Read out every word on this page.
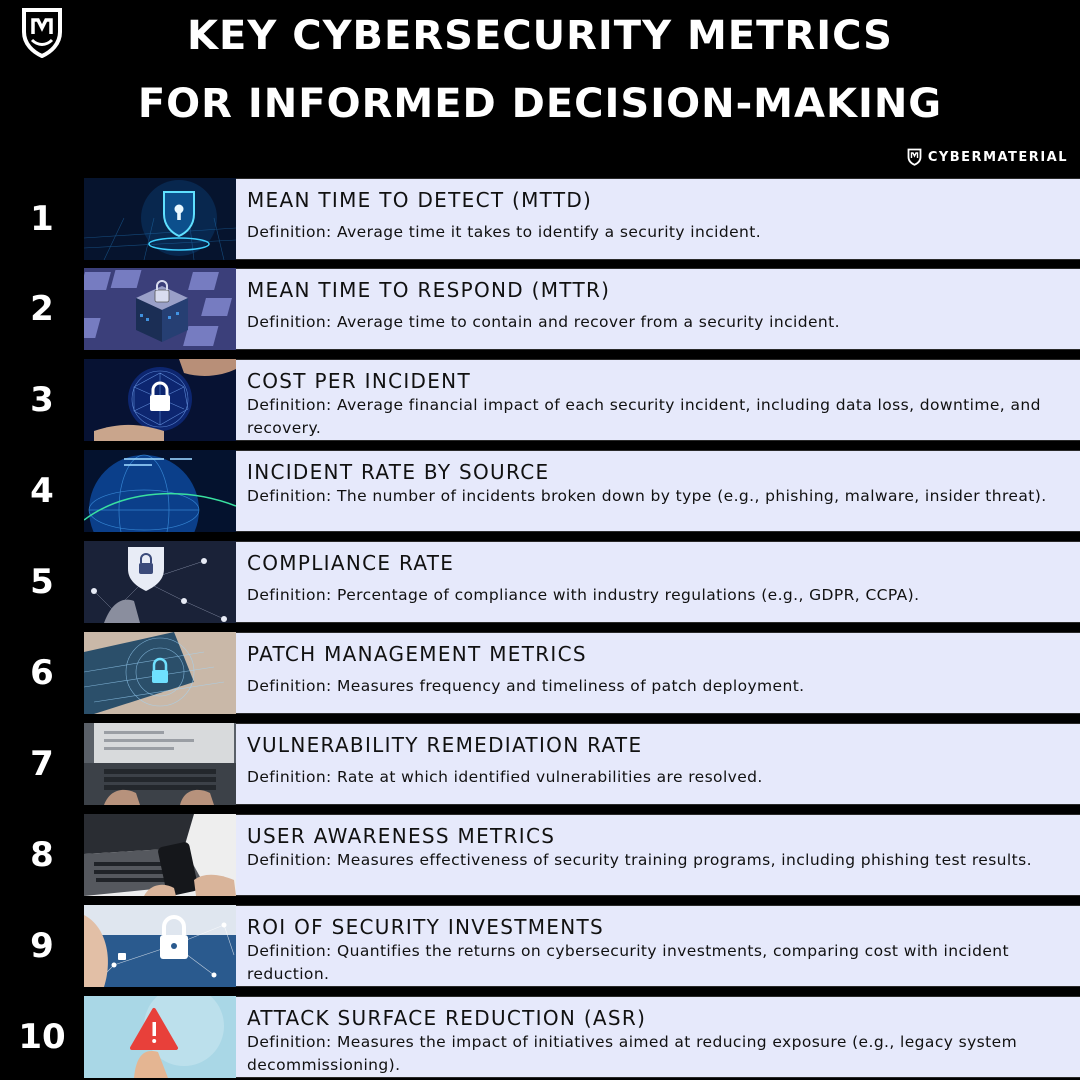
KEY CYBERSECURITY METRICS
FOR INFORMED DECISION-MAKING
CYBERMATERIAL
1	MEAN TIME TO DETECT (MTTD)
Definition: Average time it takes to identify a security incident.
2	MEAN TIME TO RESPOND (MTTR)
Definition: Average time to contain and recover from a security incident.
3	COST PER INCIDENT
Definition: Average financial impact of each security incident, including data loss, downtime, and recovery.
4	INCIDENT RATE BY SOURCE
Definition: The number of incidents broken down by type (e.g., phishing, malware, insider threat).
5	COMPLIANCE RATE
Definition: Percentage of compliance with industry regulations (e.g., GDPR, CCPA).
6	PATCH MANAGEMENT METRICS
Definition: Measures frequency and timeliness of patch deployment.
7	VULNERABILITY REMEDIATION RATE
Definition: Rate at which identified vulnerabilities are resolved.
8	USER AWARENESS METRICS
Definition: Measures effectiveness of security training programs, including phishing test results.
9	ROI OF SECURITY INVESTMENTS
Definition: Quantifies the returns on cybersecurity investments, comparing cost with incident reduction.
10	ATTACK SURFACE REDUCTION (ASR)
Definition: Measures the impact of initiatives aimed at reducing exposure (e.g., legacy system decommissioning).
